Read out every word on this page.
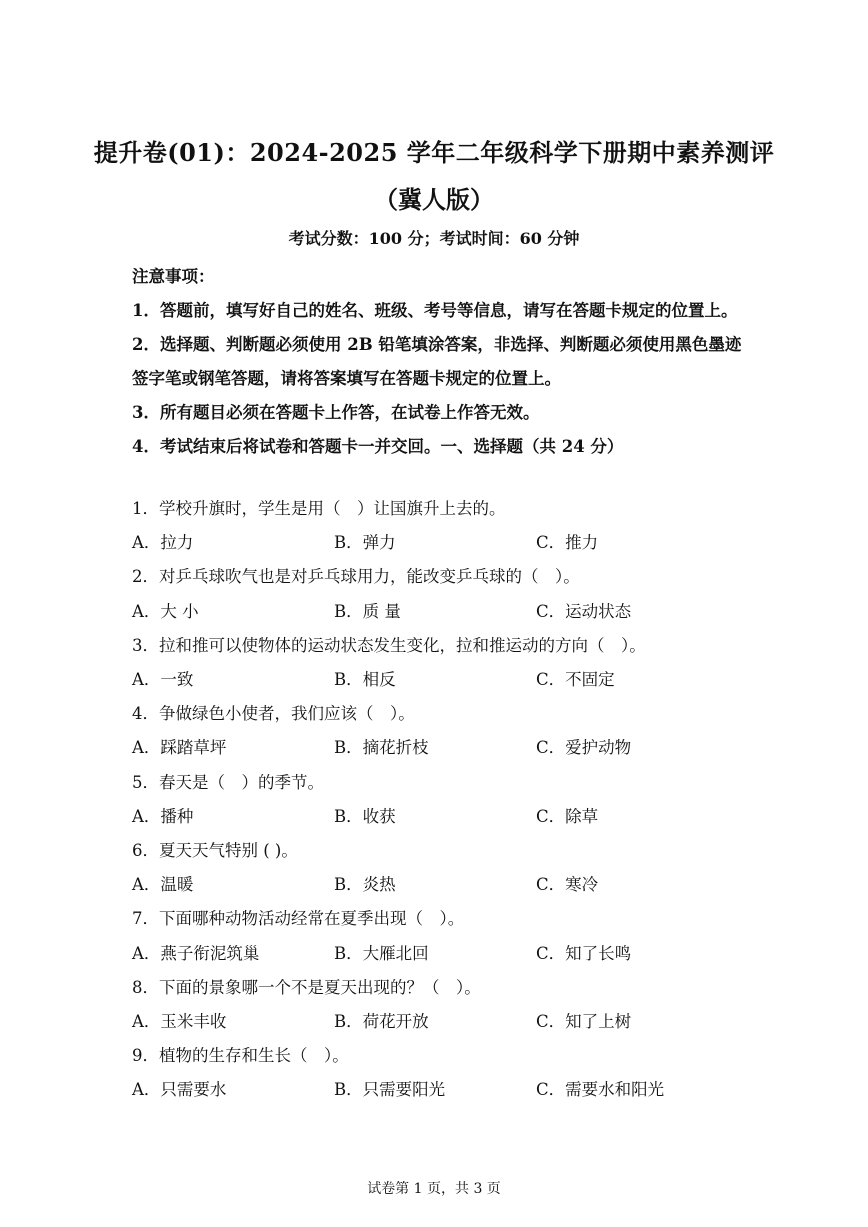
提升卷(01)：2024-2025 学年二年级科学下册期中素养测评
（冀人版）
考试分数：100 分；考试时间：60 分钟
注意事项：
1．答题前，填写好自己的姓名、班级、考号等信息，请写在答题卡规定的位置上。
2．选择题、判断题必须使用 2B 铅笔填涂答案，非选择、判断题必须使用黑色墨迹签字笔或钢笔答题，请将答案填写在答题卡规定的位置上。
3．所有题目必须在答题卡上作答，在试卷上作答无效。
4．考试结束后将试卷和答题卡一并交回。一、选择题（共 24 分）
1．学校升旗时，学生是用（　）让国旗升上去的。
A．拉力	B．弹力	C．推力
2．对乒乓球吹气也是对乒乓球用力，能改变乒乓球的（　）。
A．大 小	B．质 量	C．运动状态
3．拉和推可以使物体的运动状态发生变化，拉和推运动的方向（　）。
A．一致	B．相反	C．不固定
4．争做绿色小使者，我们应该（　）。
A．踩踏草坪	B．摘花折枝	C．爱护动物
5．春天是（　）的季节。
A．播种	B．收获	C．除草
6．夏天天气特别 ( )。
A．温暖	B．炎热	C．寒冷
7．下面哪种动物活动经常在夏季出现（　）。
A．燕子衔泥筑巢	B．大雁北回	C．知了长鸣
8．下面的景象哪一个不是夏天出现的？（　）。
A．玉米丰收	B．荷花开放	C．知了上树
9．植物的生存和生长（　）。
A．只需要水	B．只需要阳光	C．需要水和阳光
试卷第 1 页，共 3 页
